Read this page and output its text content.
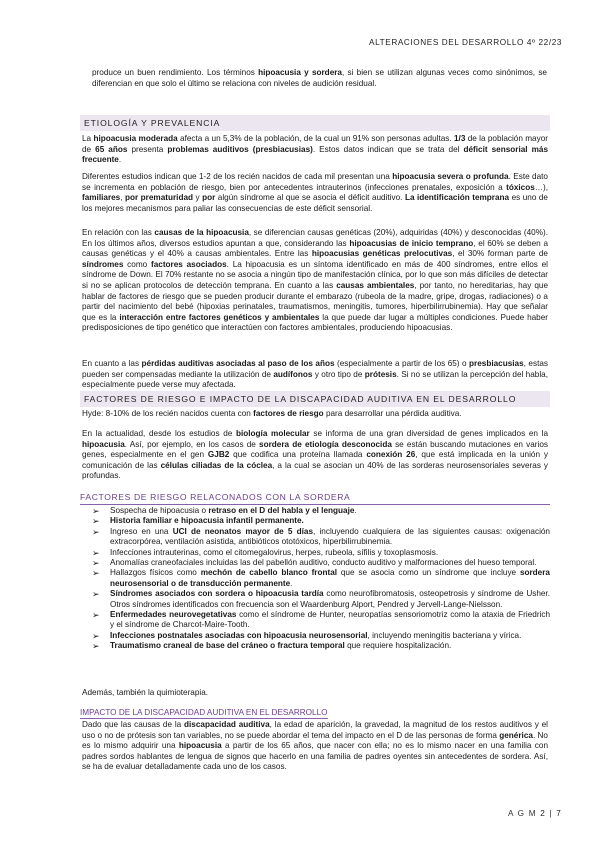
ALTERACIONES DEL DESARROLLO 4º 22/23
produce un buen rendimiento. Los términos hipoacusia y sordera, si bien se utilizan algunas veces como sinónimos, se diferencian en que solo el último se relaciona con niveles de audición residual.
ETIOLOGÍA Y PREVALENCIA
La hipoacusia moderada afecta a un 5,3% de la población, de la cual un 91% son personas adultas. 1/3 de la población mayor de 65 años presenta problemas auditivos (presbiacusias). Estos datos indican que se trata del déficit sensorial más frecuente.
Diferentes estudios indican que 1-2 de los recién nacidos de cada mil presentan una hipoacusia severa o profunda. Este dato se incrementa en población de riesgo, bien por antecedentes intrauterinos (infecciones prenatales, exposición a tóxicos…), familiares, por prematuridad y por algún síndrome al que se asocia el déficit auditivo. La identificación temprana es uno de los mejores mecanismos para paliar las consecuencias de este déficit sensorial.
En relación con las causas de la hipoacusia, se diferencian causas genéticas (20%), adquiridas (40%) y desconocidas (40%). En los últimos años, diversos estudios apuntan a que, considerando las hipoacusias de inicio temprano, el 60% se deben a causas genéticas y el 40% a causas ambientales. Entre las hipoacusias genéticas prelocutivas, el 30% forman parte de síndromes como factores asociados. La hipoacusia es un síntoma identificado en más de 400 síndromes, entre ellos el síndrome de Down. El 70% restante no se asocia a ningún tipo de manifestación clínica, por lo que son más difíciles de detectar si no se aplican protocolos de detección temprana. En cuanto a las causas ambientales, por tanto, no hereditarias, hay que hablar de factores de riesgo que se pueden producir durante el embarazo (rubeola de la madre, gripe, drogas, radiaciones) o a partir del nacimiento del bebé (hipoxias perinatales, traumatismos, meningitis, tumores, hiperbilirrubinemia). Hay que señalar que es la interacción entre factores genéticos y ambientales la que puede dar lugar a múltiples condiciones. Puede haber predisposiciones de tipo genético que interactúen con factores ambientales, produciendo hipoacusias.
En cuanto a las pérdidas auditivas asociadas al paso de los años (especialmente a partir de los 65) o presbiacusias, estas pueden ser compensadas mediante la utilización de audífonos y otro tipo de prótesis. Si no se utilizan la percepción del habla, especialmente puede verse muy afectada.
FACTORES DE RIESGO E IMPACTO DE LA DISCAPACIDAD AUDITIVA EN EL DESARROLLO
Hyde: 8-10% de los recién nacidos cuenta con factores de riesgo para desarrollar una pérdida auditiva.
En la actualidad, desde los estudios de biología molecular se informa de una gran diversidad de genes implicados en la hipoacusia. Así, por ejemplo, en los casos de sordera de etiología desconocida se están buscando mutaciones en varios genes, especialmente en el gen GJB2 que codifica una proteína llamada conexión 26, que está implicada en la unión y comunicación de las células ciliadas de la cóclea, a la cual se asocian un 40% de las sorderas neurosensoriales severas y profundas.
FACTORES DE RIESGO RELACONADOS CON LA SORDERA
➢ Sospecha de hipoacusia o retraso en el D del habla y el lenguaje.
➢ Historia familiar e hipoacusia infantil permanente.
➢ Ingreso en una UCI de neonatos mayor de 5 días, incluyendo cualquiera de las siguientes causas: oxigenación extracorpórea, ventilación asistida, antibióticos ototóxicos, hiperbilirrubinemia.
➢ Infecciones intrauterinas, como el citomegalovirus, herpes, rubeola, sífilis y toxoplasmosis.
➢ Anomalías craneofaciales incluidas las del pabellón auditivo, conducto auditivo y malformaciones del hueso temporal.
➢ Hallazgos físicos como mechón de cabello blanco frontal que se asocia como un síndrome que incluye sordera neurosensorial o de transducción permanente.
➢ Síndromes asociados con sordera o hipoacusia tardía como neurofibromatosis, osteopetrosis y síndrome de Usher. Otros síndromes identificados con frecuencia son el Waardenburg Alport, Pendred y Jervell-Lange-Nielsson.
➢ Enfermedades neurovegetativas como el síndrome de Hunter, neuropatías sensoriomotriz como la ataxia de Friedrich y el síndrome de Charcot-Maire-Tooth.
➢ Infecciones postnatales asociadas con hipoacusia neurosensorial, incluyendo meningitis bacteriana y vírica.
➢ Traumatismo craneal de base del cráneo o fractura temporal que requiere hospitalización.
Además, también la quimioterapia.
IMPACTO DE LA DISCAPACIDAD AUDITIVA EN EL DESARROLLO
Dado que las causas de la discapacidad auditiva, la edad de aparición, la gravedad, la magnitud de los restos auditivos y el uso o no de prótesis son tan variables, no se puede abordar el tema del impacto en el D de las personas de forma genérica. No es lo mismo adquirir una hipoacusia a partir de los 65 años, que nacer con ella; no es lo mismo nacer en una familia con padres sordos hablantes de lengua de signos que hacerlo en una familia de padres oyentes sin antecedentes de sordera. Así, se ha de evaluar detalladamente cada uno de los casos.
A G M 2 | 7
